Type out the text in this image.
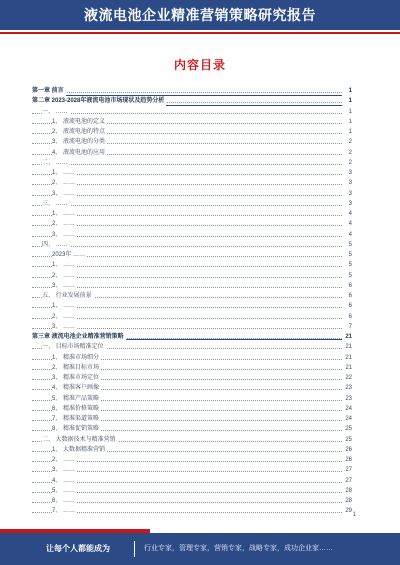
液流电池企业精准营销策略研究报告
内容目录
第一章 前言	1
第二章 2023-2028年液流电池市场现状及趋势分析	1
一、 ……	1
1、 液流电池的定义	1
2、 液流电池的特点	1
3、 液流电池的分类	2
4、 液流电池的应用	2
二、 ……	2
1、 ……	3
2、 ……	3
3、 ……	3
三、 ……	3
1、 ……	4
2、 ……	4
3、 ……	4
四、 ……	5
2023年 ……	5
1、 ……	5
2、 ……	5
3、 ……	6
五、 行业发展前景	6
1、 ……	6
2、 ……	6
3、 ……	7
第三章 液流电池企业精准营销策略	21
一、 目标市场精准定位	21
1、 精准市场细分	21
2、 精准目标市场	21
3、 精准市场定位	22
4、 精准客户画像	23
5、 精准产品策略	23
6、 精准价格策略	24
7、 精准渠道策略	24
8、 精准促销策略	25
二、 大数据技术与精准营销	25
1、 大数据精准营销	26
2、 ……	26
3、 ……	27
4、 ……	27
5、 ……	28
6、 ……	28
7、 ……	29
1
让每个人都能成为	行业专家，管理专家，营销专家，战略专家，成功企业家……
